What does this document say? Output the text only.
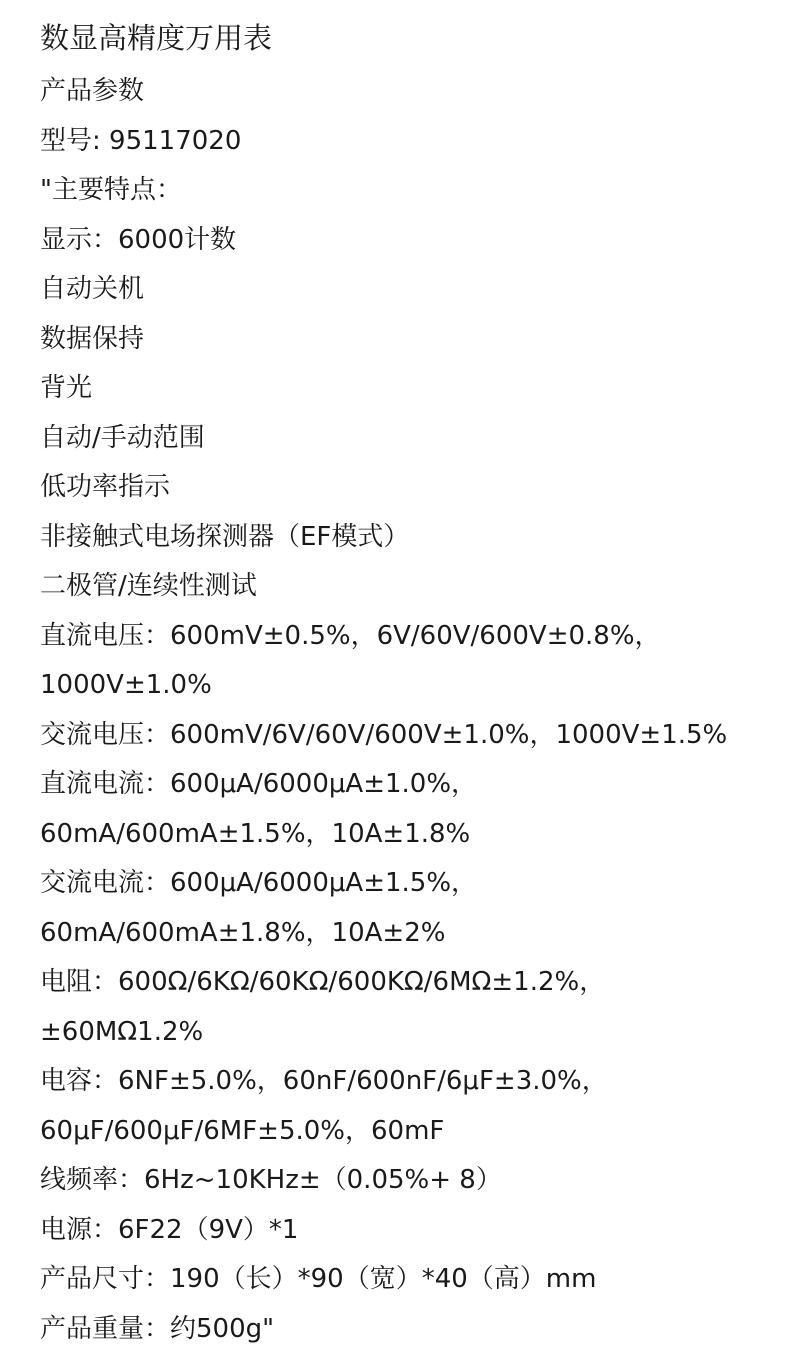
数显高精度万用表
产品参数
型号: 95117020
"主要特点：
显示：6000计数
自动关机
数据保持
背光
自动/手动范围
低功率指示
非接触式电场探测器（EF模式）
二极管/连续性测试
直流电压：600mV±0.5%，6V/60V/600V±0.8%，
1000V±1.0%
交流电压：600mV/6V/60V/600V±1.0%，1000V±1.5%
直流电流：600μA/6000μA±1.0%，
60mA/600mA±1.5%，10A±1.8%
交流电流：600μA/6000μA±1.5%，
60mA/600mA±1.8%，10A±2%
电阻：600Ω/6KΩ/60KΩ/600KΩ/6MΩ±1.2%，
±60MΩ1.2%
电容：6NF±5.0%，60nF/600nF/6μF±3.0%，
60μF/600μF/6MF±5.0%，60mF
线频率：6Hz~10KHz±（0.05%+ 8）
电源：6F22（9V）*1
产品尺寸：190（长）*90（宽）*40（高）mm
产品重量：约500g"
